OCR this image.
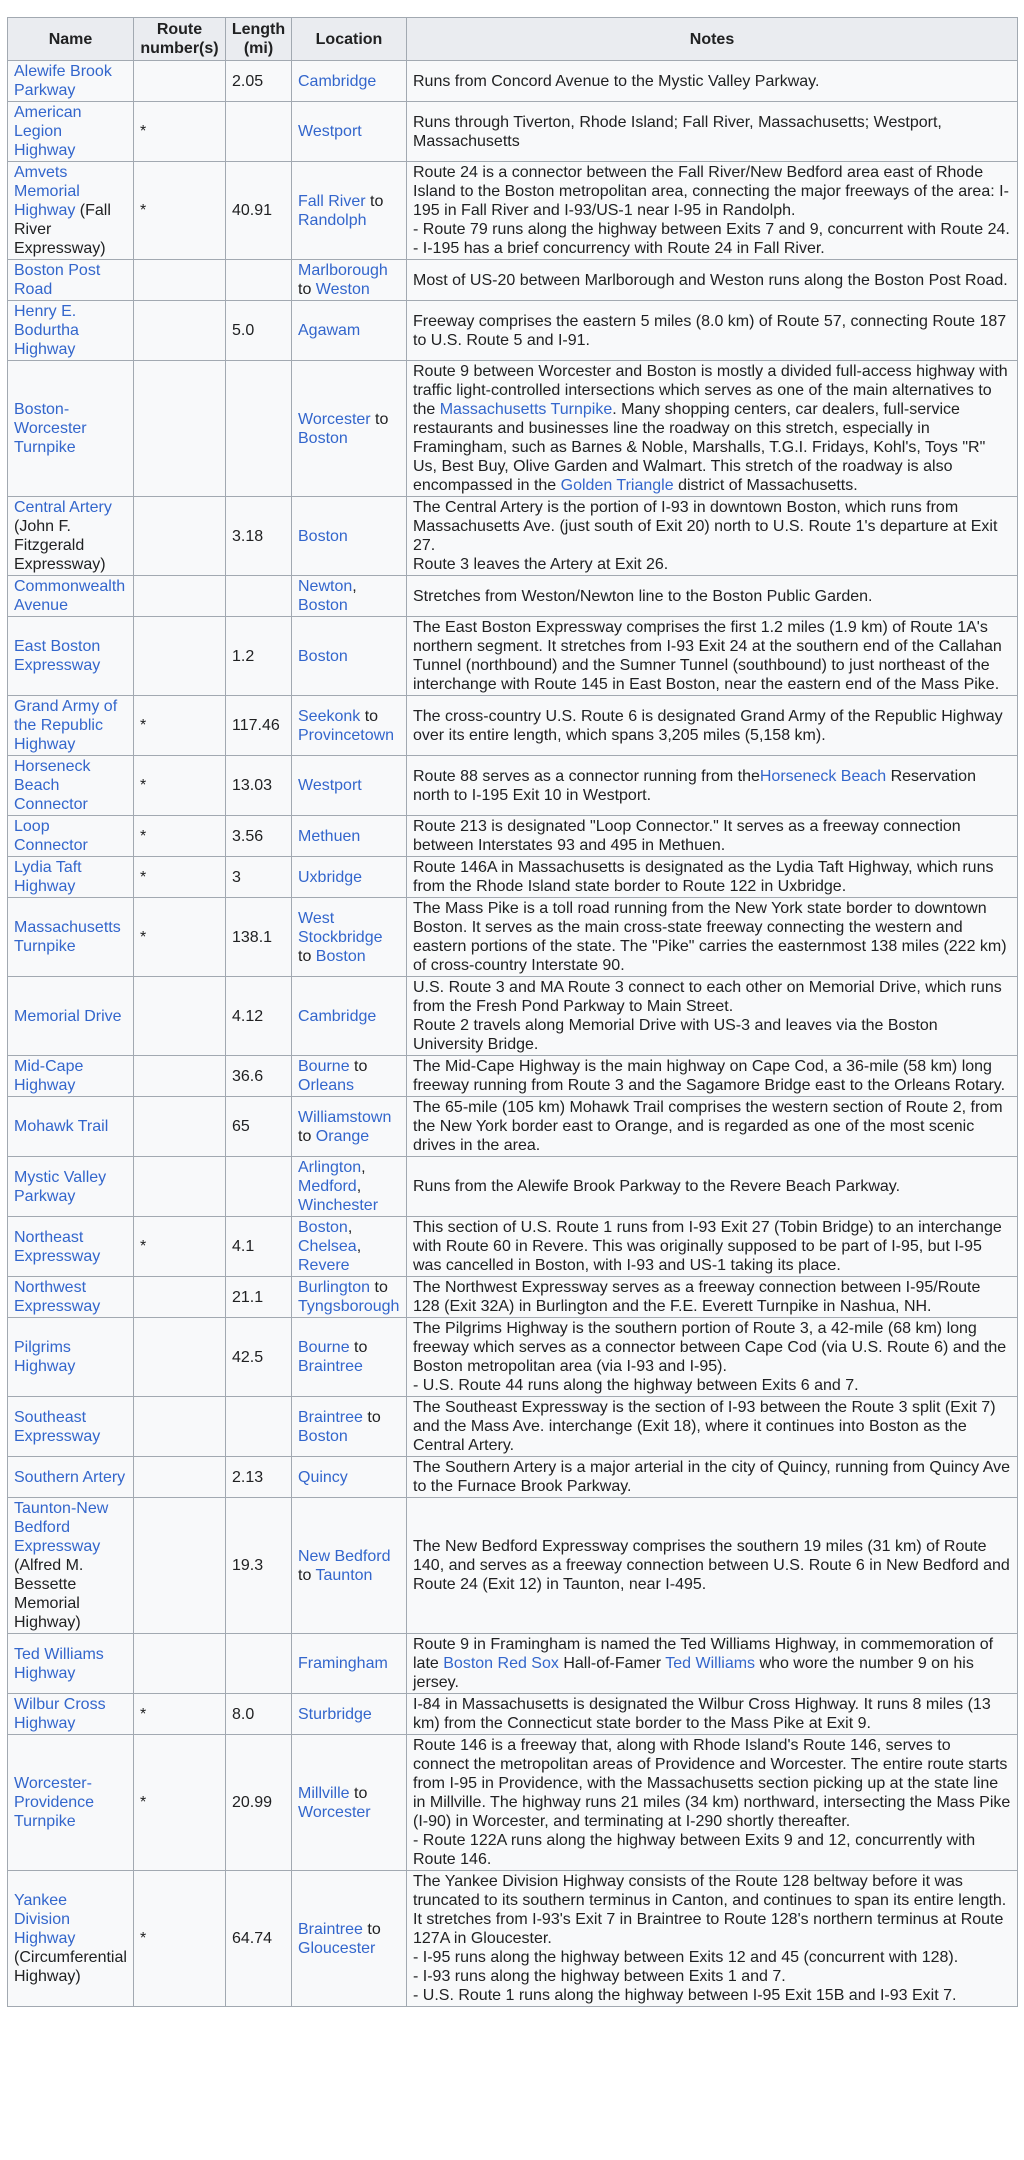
Name	Route number(s)	Length (mi)	Location	Notes
Alewife Brook Parkway		2.05	Cambridge	Runs from Concord Avenue to the Mystic Valley Parkway.

American Legion Highway	*		Westport	Runs through Tiverton, Rhode Island; Fall River, Massachusetts; Westport, Massachusetts

Amvets Memorial Highway (Fall River Expressway)	*	40.91	Fall River to Randolph	Route 24 is a connector between the Fall River/New Bedford area east of Rhode Island to the Boston metropolitan area, connecting the major freeways of the area: I-195 in Fall River and I-93/US-1 near I-95 in Randolph.
- Route 79 runs along the highway between Exits 7 and 9, concurrent with Route 24.
- I-195 has a brief concurrency with Route 24 in Fall River.

Boston Post Road			Marlborough to Weston	Most of US-20 between Marlborough and Weston runs along the Boston Post Road.

Henry E. Bodurtha Highway		5.0	Agawam	Freeway comprises the eastern 5 miles (8.0 km) of Route 57, connecting Route 187 to U.S. Route 5 and I-91.

Boston-Worcester Turnpike			Worcester to Boston	Route 9 between Worcester and Boston is mostly a divided full-access highway with traffic light-controlled intersections which serves as one of the main alternatives to the Massachusetts Turnpike. Many shopping centers, car dealers, full-service restaurants and businesses line the roadway on this stretch, especially in Framingham, such as Barnes & Noble, Marshalls, T.G.I. Fridays, Kohl's, Toys "R" Us, Best Buy, Olive Garden and Walmart. This stretch of the roadway is also encompassed in the Golden Triangle district of Massachusetts.

Central Artery (John F. Fitzgerald Expressway)		3.18	Boston	The Central Artery is the portion of I-93 in downtown Boston, which runs from Massachusetts Ave. (just south of Exit 20) north to U.S. Route 1's departure at Exit 27.
Route 3 leaves the Artery at Exit 26.

Commonwealth Avenue			Newton, Boston	Stretches from Weston/Newton line to the Boston Public Garden.

East Boston Expressway		1.2	Boston	The East Boston Expressway comprises the first 1.2 miles (1.9 km) of Route 1A's northern segment. It stretches from I-93 Exit 24 at the southern end of the Callahan Tunnel (northbound) and the Sumner Tunnel (southbound) to just northeast of the interchange with Route 145 in East Boston, near the eastern end of the Mass Pike.

Grand Army of the Republic Highway	*	117.46	Seekonk to Provincetown	The cross-country U.S. Route 6 is designated Grand Army of the Republic Highway over its entire length, which spans 3,205 miles (5,158 km).

Horseneck Beach Connector	*	13.03	Westport	Route 88 serves as a connector running from theHorseneck Beach Reservation north to I-195 Exit 10 in Westport.

Loop Connector	*	3.56	Methuen	Route 213 is designated "Loop Connector." It serves as a freeway connection between Interstates 93 and 495 in Methuen.

Lydia Taft Highway	*	3	Uxbridge	Route 146A in Massachusetts is designated as the Lydia Taft Highway, which runs from the Rhode Island state border to Route 122 in Uxbridge.

Massachusetts Turnpike	*	138.1	West Stockbridge to Boston	The Mass Pike is a toll road running from the New York state border to downtown Boston. It serves as the main cross-state freeway connecting the western and eastern portions of the state. The "Pike" carries the easternmost 138 miles (222 km) of cross-country Interstate 90.

Memorial Drive		4.12	Cambridge	U.S. Route 3 and MA Route 3 connect to each other on Memorial Drive, which runs from the Fresh Pond Parkway to Main Street.
Route 2 travels along Memorial Drive with US-3 and leaves via the Boston University Bridge.

Mid-Cape Highway		36.6	Bourne to Orleans	The Mid-Cape Highway is the main highway on Cape Cod, a 36-mile (58 km) long freeway running from Route 3 and the Sagamore Bridge east to the Orleans Rotary.

Mohawk Trail		65	Williamstown to Orange	The 65-mile (105 km) Mohawk Trail comprises the western section of Route 2, from the New York border east to Orange, and is regarded as one of the most scenic drives in the area.

Mystic Valley Parkway			Arlington, Medford, Winchester	Runs from the Alewife Brook Parkway to the Revere Beach Parkway.

Northeast Expressway	*	4.1	Boston, Chelsea, Revere	This section of U.S. Route 1 runs from I-93 Exit 27 (Tobin Bridge) to an interchange with Route 60 in Revere. This was originally supposed to be part of I-95, but I-95 was cancelled in Boston, with I-93 and US-1 taking its place.

Northwest Expressway		21.1	Burlington to Tyngsborough	The Northwest Expressway serves as a freeway connection between I-95/Route 128 (Exit 32A) in Burlington and the F.E. Everett Turnpike in Nashua, NH.

Pilgrims Highway		42.5	Bourne to Braintree	The Pilgrims Highway is the southern portion of Route 3, a 42-mile (68 km) long freeway which serves as a connector between Cape Cod (via U.S. Route 6) and the Boston metropolitan area (via I-93 and I-95).
- U.S. Route 44 runs along the highway between Exits 6 and 7.

Southeast Expressway			Braintree to Boston	The Southeast Expressway is the section of I-93 between the Route 3 split (Exit 7) and the Mass Ave. interchange (Exit 18), where it continues into Boston as the Central Artery.

Southern Artery		2.13	Quincy	The Southern Artery is a major arterial in the city of Quincy, running from Quincy Ave to the Furnace Brook Parkway.

Taunton-New Bedford Expressway (Alfred M. Bessette Memorial Highway)		19.3	New Bedford to Taunton	The New Bedford Expressway comprises the southern 19 miles (31 km) of Route 140, and serves as a freeway connection between U.S. Route 6 in New Bedford and Route 24 (Exit 12) in Taunton, near I-495.

Ted Williams Highway			Framingham	Route 9 in Framingham is named the Ted Williams Highway, in commemoration of late Boston Red Sox Hall-of-Famer Ted Williams who wore the number 9 on his jersey.

Wilbur Cross Highway	*	8.0	Sturbridge	I-84 in Massachusetts is designated the Wilbur Cross Highway. It runs 8 miles (13 km) from the Connecticut state border to the Mass Pike at Exit 9.

Worcester-Providence Turnpike	*	20.99	Millville to Worcester	Route 146 is a freeway that, along with Rhode Island's Route 146, serves to connect the metropolitan areas of Providence and Worcester. The entire route starts from I-95 in Providence, with the Massachusetts section picking up at the state line in Millville. The highway runs 21 miles (34 km) northward, intersecting the Mass Pike (I-90) in Worcester, and terminating at I-290 shortly thereafter.
- Route 122A runs along the highway between Exits 9 and 12, concurrently with Route 146.

Yankee Division Highway (Circumferential Highway)	*	64.74	Braintree to Gloucester	The Yankee Division Highway consists of the Route 128 beltway before it was truncated to its southern terminus in Canton, and continues to span its entire length. It stretches from I-93's Exit 7 in Braintree to Route 128's northern terminus at Route 127A in Gloucester.
- I-95 runs along the highway between Exits 12 and 45 (concurrent with 128).
- I-93 runs along the highway between Exits 1 and 7.
- U.S. Route 1 runs along the highway between I-95 Exit 15B and I-93 Exit 7.
